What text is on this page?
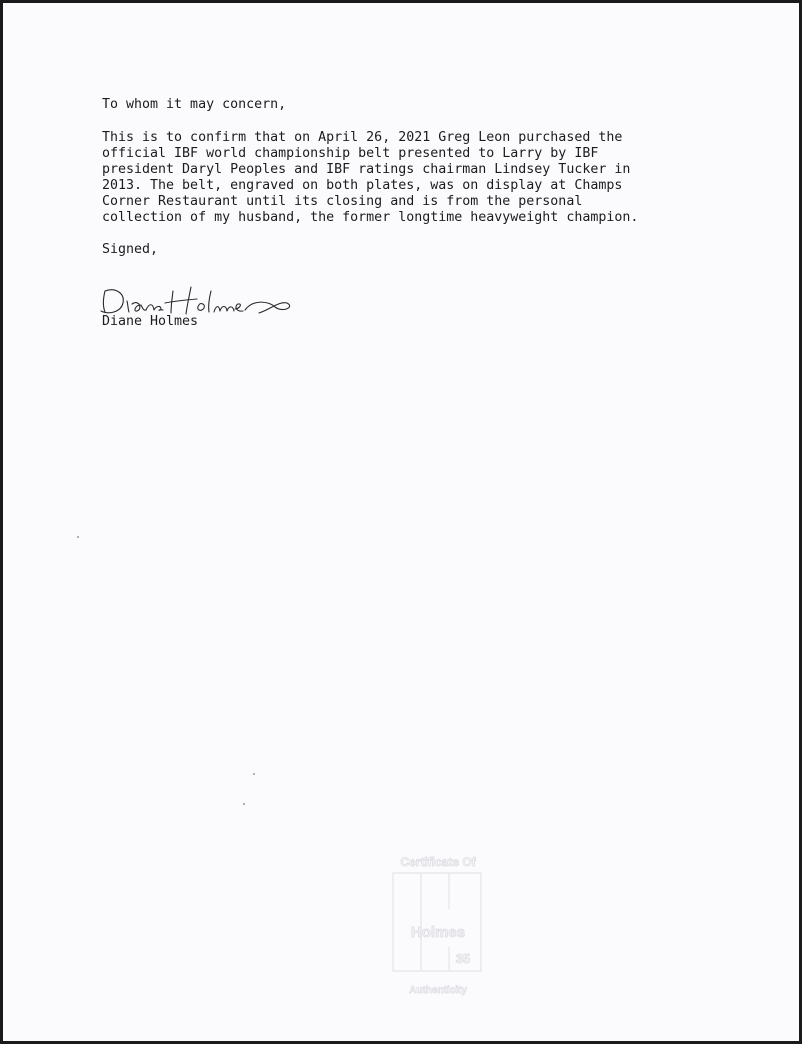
To whom it may concern,

This is to confirm that on April 26, 2021 Greg Leon purchased the
official IBF world championship belt presented to Larry by IBF
president Daryl Peoples and IBF ratings chairman Lindsey Tucker in
2013. The belt, engraved on both plates, was on display at Champs
Corner Restaurant until its closing and is from the personal
collection of my husband, the former longtime heavyweight champion.

Signed,

Diane Holmes
Certificate Of
Holmes
35
Authenticity
